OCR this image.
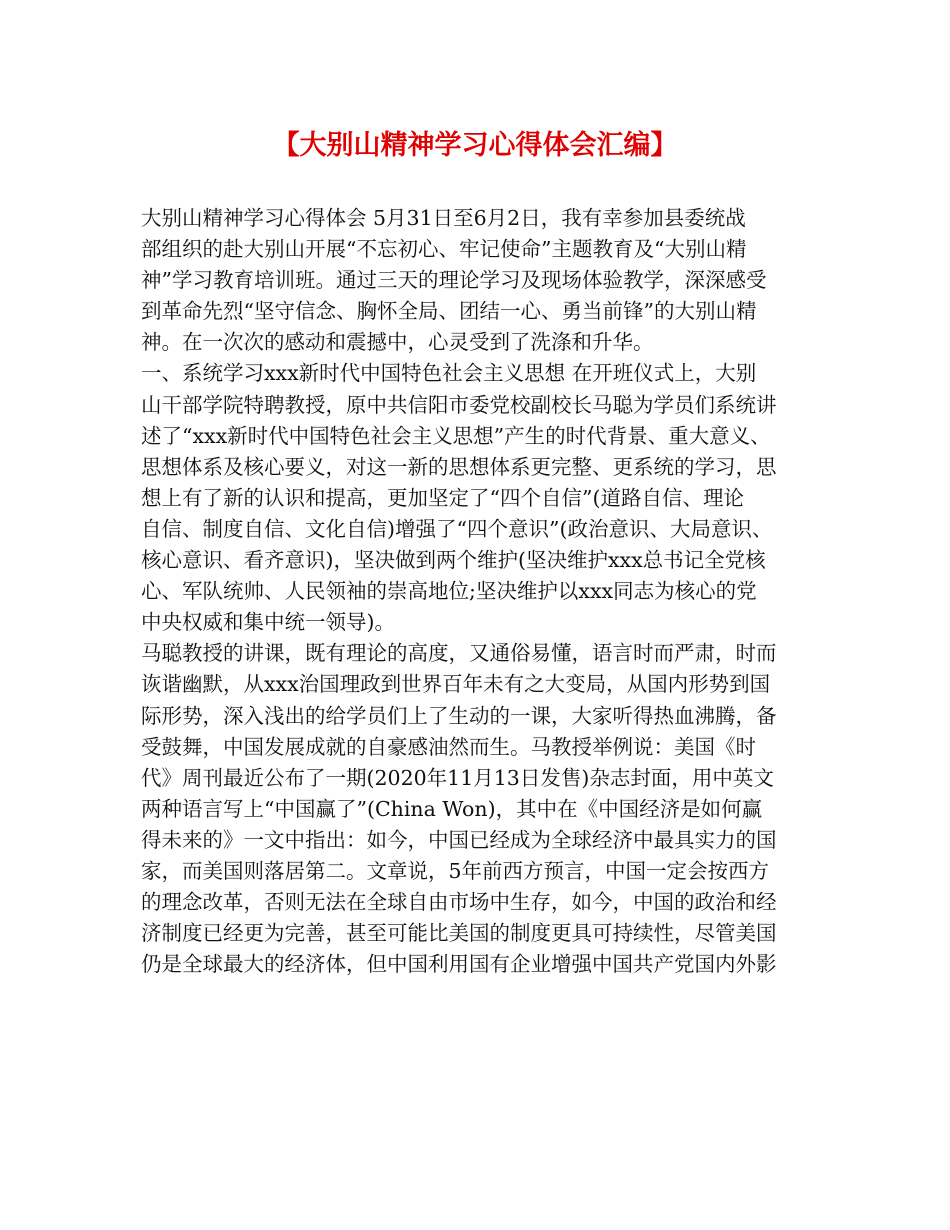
【大别山精神学习心得体会汇编】
大别山精神学习心得体会 5月31日至6月2日，我有幸参加县委统战
部组织的赴大别山开展“不忘初心、牢记使命”主题教育及“大别山精
神”学习教育培训班。通过三天的理论学习及现场体验教学，深深感受
到革命先烈“坚守信念、胸怀全局、团结一心、勇当前锋”的大别山精
神。在一次次的感动和震撼中，心灵受到了洗涤和升华。
一、系统学习xxx新时代中国特色社会主义思想 在开班仪式上，大别
山干部学院特聘教授，原中共信阳市委党校副校长马聪为学员们系统讲
述了“xxx新时代中国特色社会主义思想”产生的时代背景、重大意义、
思想体系及核心要义，对这一新的思想体系更完整、更系统的学习，思
想上有了新的认识和提高，更加坚定了“四个自信”(道路自信、理论
自信、制度自信、文化自信)增强了“四个意识”(政治意识、大局意识、
核心意识、看齐意识)，坚决做到两个维护(坚决维护xxx总书记全党核
心、军队统帅、人民领袖的崇高地位;坚决维护以xxx同志为核心的党
中央权威和集中统一领导)。
马聪教授的讲课，既有理论的高度，又通俗易懂，语言时而严肃，时而
诙谐幽默，从xxx治国理政到世界百年未有之大变局，从国内形势到国
际形势，深入浅出的给学员们上了生动的一课，大家听得热血沸腾，备
受鼓舞，中国发展成就的自豪感油然而生。马教授举例说：美国《时
代》周刊最近公布了一期(2020年11月13日发售)杂志封面，用中英文
两种语言写上“中国赢了”(China Won)，其中在《中国经济是如何赢
得未来的》一文中指出：如今，中国已经成为全球经济中最具实力的国
家，而美国则落居第二。文章说，5年前西方预言，中国一定会按西方
的理念改革，否则无法在全球自由市场中生存，如今，中国的政治和经
济制度已经更为完善，甚至可能比美国的制度更具可持续性，尽管美国
仍是全球最大的经济体，但中国利用国有企业增强中国共产党国内外影
